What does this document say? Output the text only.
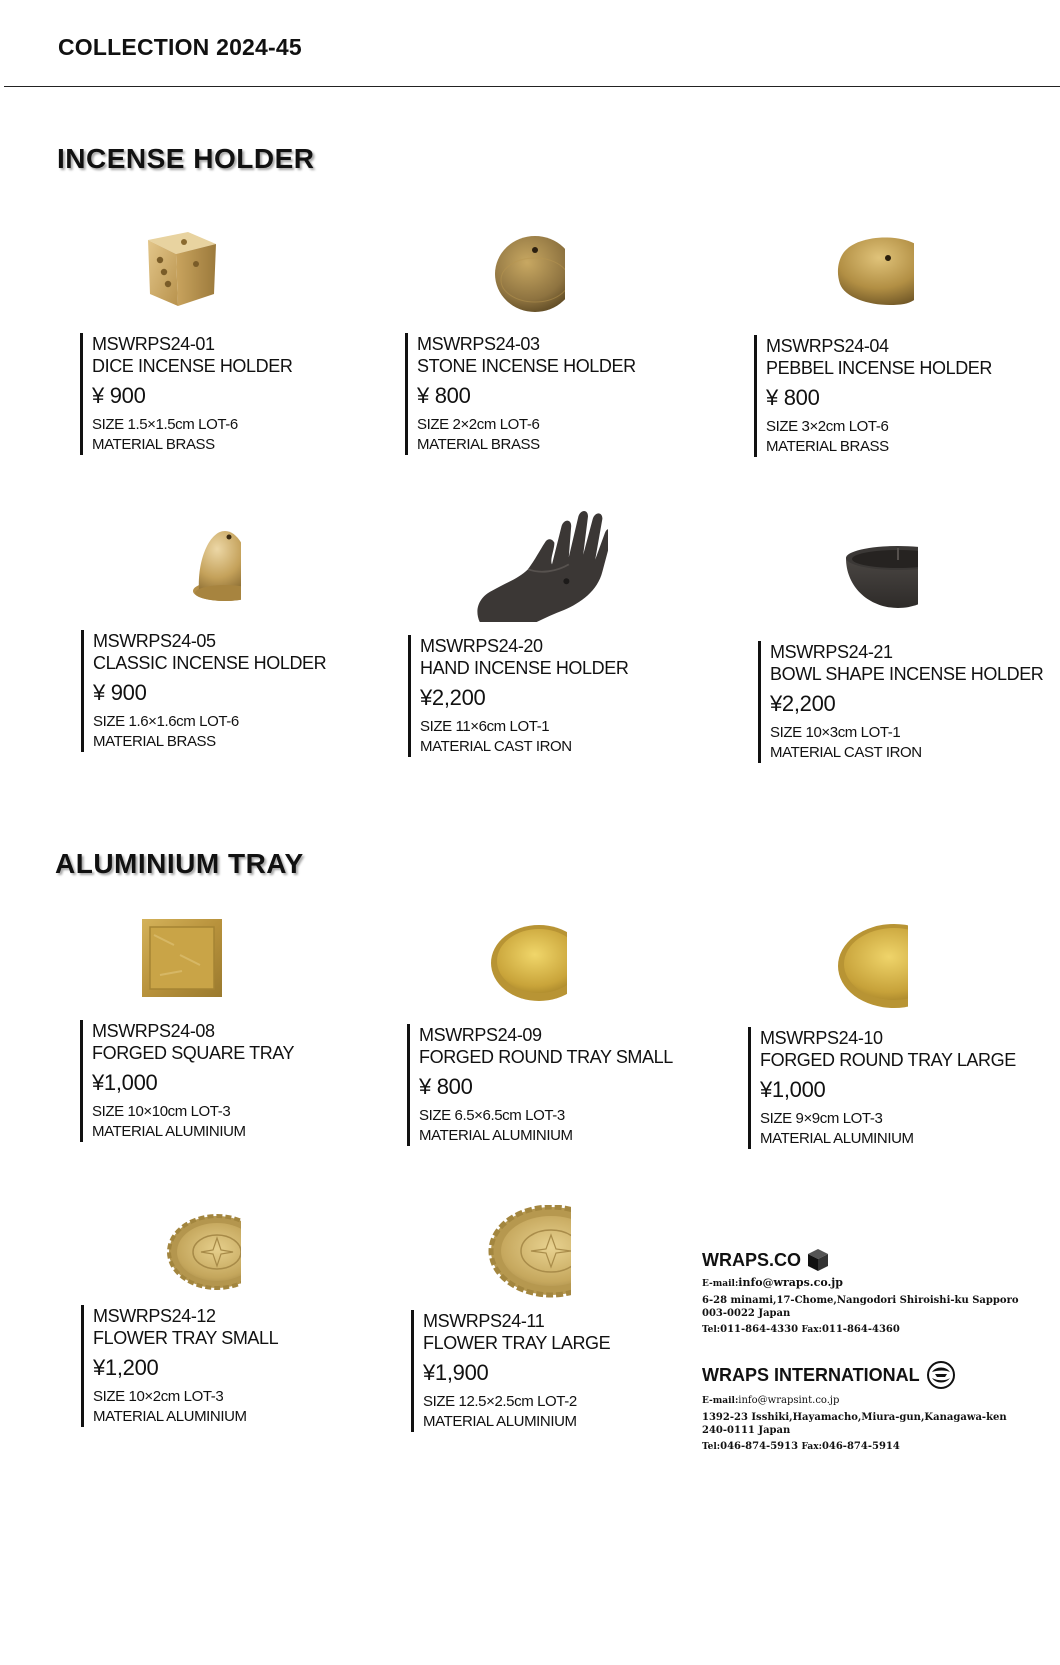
COLLECTION 2024-45
INCENSE HOLDER
ALUMINIUM TRAY
MSWRPS24-01
DICE INCENSE HOLDER
¥ 900
SIZE 1.5×1.5cm LOT-6
MATERIAL BRASS
MSWRPS24-03
STONE INCENSE HOLDER
¥ 800
SIZE 2×2cm LOT-6
MATERIAL BRASS
MSWRPS24-04
PEBBEL INCENSE HOLDER
¥ 800
SIZE 3×2cm LOT-6
MATERIAL BRASS
MSWRPS24-05
CLASSIC INCENSE HOLDER
¥ 900
SIZE 1.6×1.6cm LOT-6
MATERIAL BRASS
MSWRPS24-20
HAND INCENSE HOLDER
¥2,200
SIZE 11×6cm LOT-1
MATERIAL CAST IRON
MSWRPS24-21
BOWL SHAPE INCENSE HOLDER
¥2,200
SIZE 10×3cm LOT-1
MATERIAL CAST IRON
MSWRPS24-08
FORGED SQUARE TRAY
¥1,000
SIZE 10×10cm LOT-3
MATERIAL ALUMINIUM
MSWRPS24-09
FORGED ROUND TRAY SMALL
¥ 800
SIZE 6.5×6.5cm LOT-3
MATERIAL ALUMINIUM
MSWRPS24-10
FORGED ROUND TRAY LARGE
¥1,000
SIZE 9×9cm LOT-3
MATERIAL ALUMINIUM
MSWRPS24-12
FLOWER TRAY SMALL
¥1,200
SIZE 10×2cm LOT-3
MATERIAL ALUMINIUM
MSWRPS24-11
FLOWER TRAY LARGE
¥1,900
SIZE 12.5×2.5cm LOT-2
MATERIAL ALUMINIUM
WRAPS.CO
E-mail:info@wraps.co.jp
6-28 minami,17-Chome,Nangodori Shiroishi-ku Sapporo
003-0022 Japan
Tel:011-864-4330 Fax:011-864-4360
WRAPS INTERNATIONAL
E-mail:info@wrapsint.co.jp
1392-23 Isshiki,Hayamacho,Miura-gun,Kanagawa-ken
240-0111 Japan
Tel:046-874-5913 Fax:046-874-5914
